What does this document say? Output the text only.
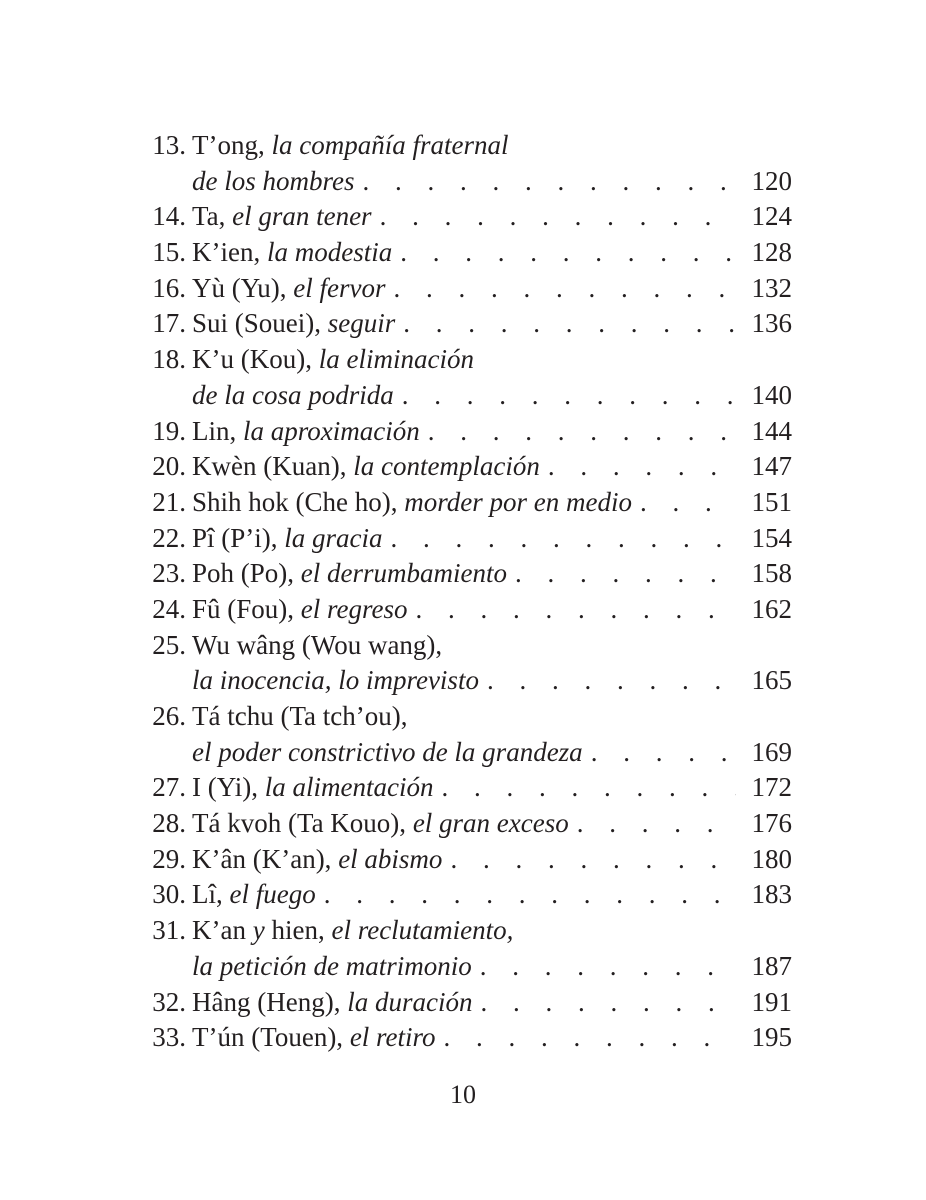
13. T’ong, la compañía fraternal
de los hombres . . .	120
14. Ta, el gran tener . . .	124
15. K’ien, la modestia . . .	128
16. Yù (Yu), el fervor . . .	132
17. Sui (Souei), seguir . . .	136
18. K’u (Kou), la eliminación
de la cosa podrida . . .	140
19. Lin, la aproximación . . .	144
20. Kwèn (Kuan), la contemplación . . .	147
21. Shih hok (Che ho), morder por en medio . . .	151
22. Pî (P’i), la gracia . . .	154
23. Poh (Po), el derrumbamiento . . .	158
24. Fû (Fou), el regreso . . .	162
25. Wu wâng (Wou wang),
la inocencia, lo imprevisto . . .	165
26. Tá tchu (Ta tch’ou),
el poder constrictivo de la grandeza . . .	169
27. I (Yi), la alimentación . . .	172
28. Tá kvoh (Ta Kouo), el gran exceso . . .	176
29. K’ân (K’an), el abismo . . .	180
30. Lî, el fuego . . .	183
31. K’an y hien, el reclutamiento,
la petición de matrimonio . . .	187
32. Hâng (Heng), la duración . . .	191
33. T’ún (Touen), el retiro . . .	195
10
